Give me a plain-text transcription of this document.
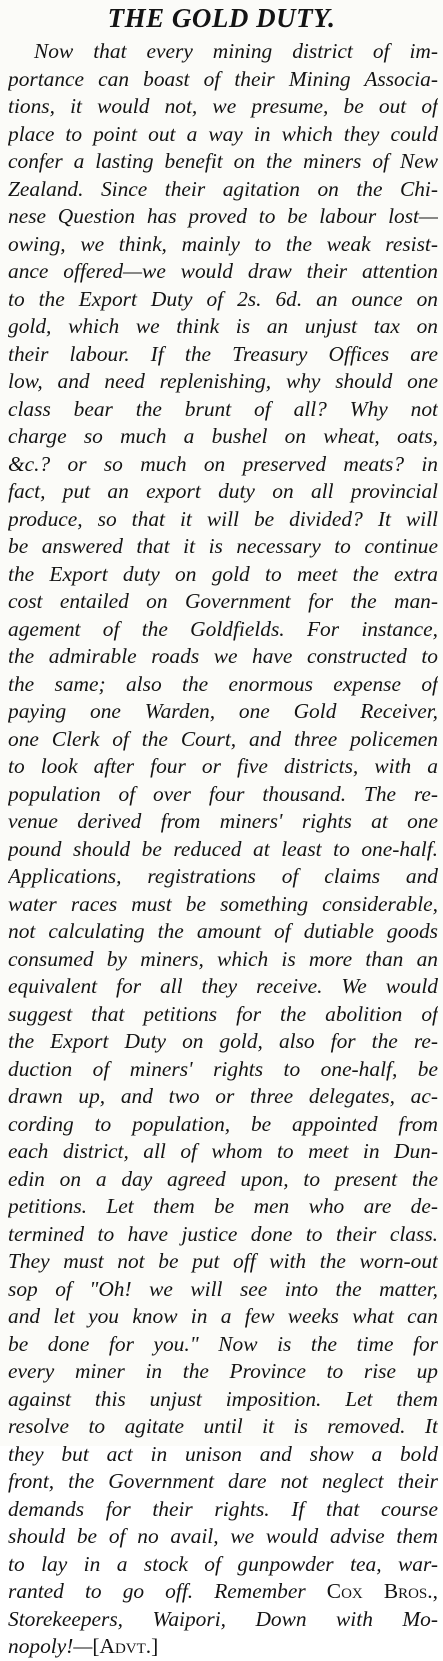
THE GOLD DUTY.
Now that every mining district of im-
portance can boast of their Mining Associa-
tions, it would not, we presume, be out of
place to point out a way in which they could
confer a lasting benefit on the miners of New
Zealand. Since their agitation on the Chi-
nese Question has proved to be labour lost—
owing, we think, mainly to the weak resist-
ance offered—we would draw their attention
to the Export Duty of 2s. 6d. an ounce on
gold, which we think is an unjust tax on
their labour. If the Treasury Offices are
low, and need replenishing, why should one
class bear the brunt of all? Why not
charge so much a bushel on wheat, oats,
&c.? or so much on preserved meats? in
fact, put an export duty on all provincial
produce, so that it will be divided? It will
be answered that it is necessary to continue
the Export duty on gold to meet the extra
cost entailed on Government for the man-
agement of the Goldfields. For instance,
the admirable roads we have constructed to
the same; also the enormous expense of
paying one Warden, one Gold Receiver,
one Clerk of the Court, and three policemen
to look after four or five districts, with a
population of over four thousand. The re-
venue derived from miners' rights at one
pound should be reduced at least to one-half.
Applications, registrations of claims and
water races must be something considerable,
not calculating the amount of dutiable goods
consumed by miners, which is more than an
equivalent for all they receive. We would
suggest that petitions for the abolition of
the Export Duty on gold, also for the re-
duction of miners' rights to one-half, be
drawn up, and two or three delegates, ac-
cording to population, be appointed from
each district, all of whom to meet in Dun-
edin on a day agreed upon, to present the
petitions. Let them be men who are de-
termined to have justice done to their class.
They must not be put off with the worn-out
sop of "Oh! we will see into the matter,
and let you know in a few weeks what can
be done for you." Now is the time for
every miner in the Province to rise up
against this unjust imposition. Let them
resolve to agitate until it is removed. It
they but act in unison and show a bold
front, the Government dare not neglect their
demands for their rights. If that course
should be of no avail, we would advise them
to lay in a stock of gunpowder tea, war-
ranted to go off. Remember Cox Bros.,
Storekeepers, Waipori, Down with Mo-
nopoly!—[Advt.]
